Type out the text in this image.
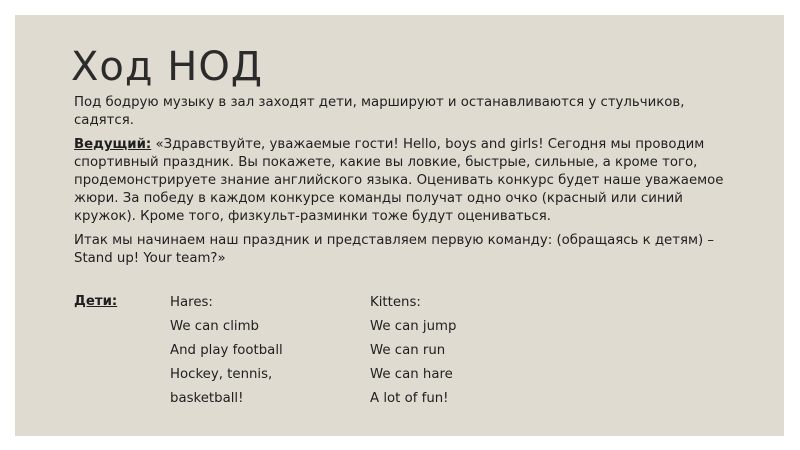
Ход НОД

Под бодрую музыку в зал заходят дети, маршируют и останавливаются у стульчиков, садятся.

Ведущий: «Здравствуйте, уважаемые гости! Hello, boys and girls! Сегодня мы проводим спортивный праздник. Вы покажете, какие вы ловкие, быстрые, сильные, а кроме того, продемонстрируете знание английского языка. Оценивать конкурс будет наше уважаемое жюри. За победу в каждом конкурсе команды получат одно очко (красный или синий кружок). Кроме того, физкульт-разминки тоже будут оцениваться.

Итак мы начинаем наш праздник и представляем первую команду: (обращаясь к детям) – Stand up! Your team?»

Дети:	Hares:
We can climb
And play football
Hockey, tennis,
basketball!
Kittens:
We can jump
We can run
We can hare
A lot of fun!
